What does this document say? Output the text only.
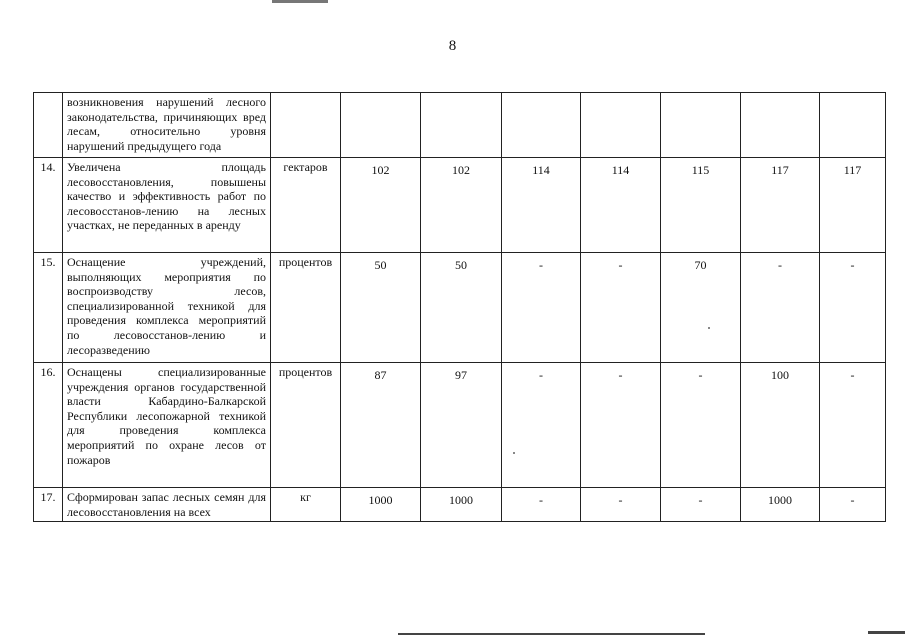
8
	возникновения нарушений лесного законодательства, причиняющих вред лесам, относительно уровня нарушений предыдущего года								
14.	Увеличена площадь лесовосстановления, повышены качество и эффективность работ по лесовосстанов-лению на лесных участках, не переданных в аренду	гектаров	102	102	114	114	115	117	117
15.	Оснащение учреждений, выполняющих мероприятия по воспроизводству лесов, специализированной техникой для проведения комплекса мероприятий по лесовосстанов-лению и лесоразведению	процентов	50	50	-	-	70	-	-
16.	Оснащены специализированные учреждения органов государственной власти Кабардино-Балкарской Республики лесопожарной техникой для проведения комплекса мероприятий по охране лесов от пожаров	процентов	87	97	-	-	-	100	-
17.	Сформирован запас лесных семян для лесовосстановления на всех	кг	1000	1000	-	-	-	1000	-
